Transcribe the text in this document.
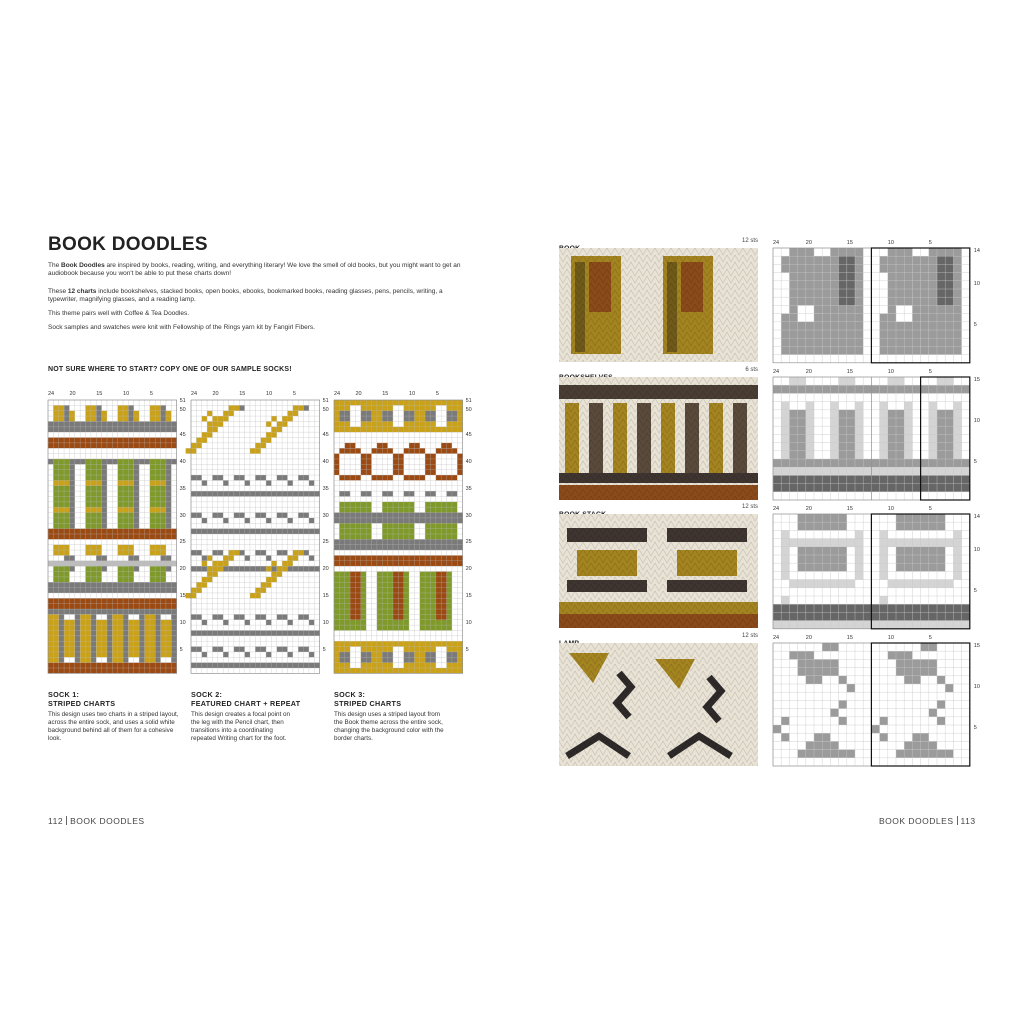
BOOK DOODLES

The Book Doodles are inspired by books, reading, writing, and everything literary! We love the smell of old books, but you might want to get an audiobook because you won't be able to put these charts down!

These 12 charts include bookshelves, stacked books, open books, ebooks, bookmarked books, reading glasses, pens, pencils, writing, a typewriter, magnifying glasses, and a reading lamp.

This theme pairs well with Coffee & Tea Doodles.

Sock samples and swatches were knit with Fellowship of the Rings yarn kit by Fangirl Fibers.

NOT SURE WHERE TO START? COPY ONE OF OUR SAMPLE SOCKS!
24	20	15	10	5
51
50
45
40
35
30
25
20
15
10
5
24	20	15	10	5
51
50
45
40
35
30
25
20
15
10
5
24	20	15	10	5
51
50
45
40
35
30
25
20
15
10
5

SOCK 1:

STRIPED CHARTS

This design uses two charts in a striped layout, across the entire sock, and uses a solid white background behind all of them for a cohesive look.

SOCK 2:

FEATURED CHART + REPEAT

This design creates a focal point on the leg with the Pencil chart, then transitions into a coordinating repeated Writing chart for the foot.

SOCK 3:

STRIPED CHARTS

This design uses a striped layout from the Book theme across the entire sock, changing the background color with the border charts.

112 BOOK DOODLES
12 sts
6 sts
12 sts
12 sts
24	20	15	10	5
14
10
5
24	20	15	10	5
15
10
5
24	20	15	10	5
14
10
5
24	20	15	10	5
15
10
5
BOOK DOODLES 113
